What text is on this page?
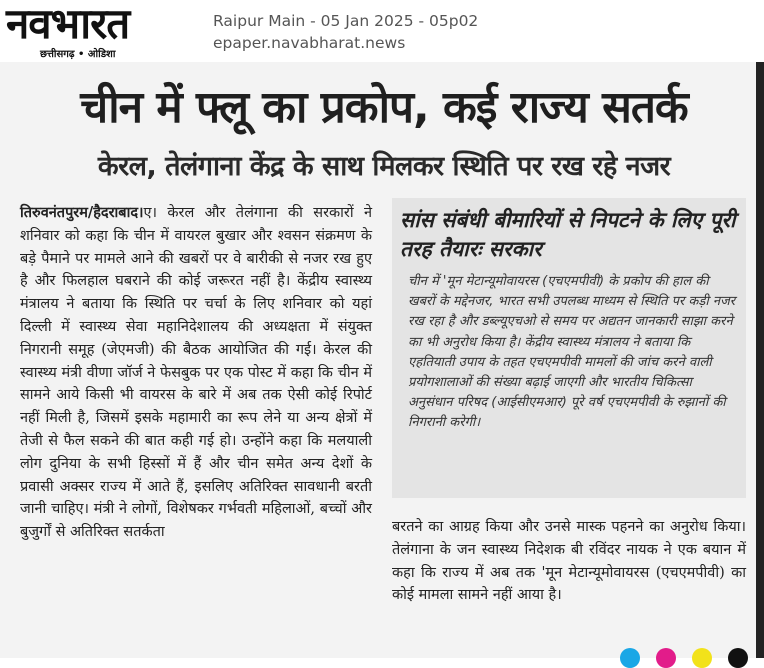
नवभारत
छत्तीसगढ़ • ओडिशा
Raipur Main - 05 Jan 2025 - 05p02
epaper.navabharat.news
चीन में फ्लू का प्रकोप, कई राज्य सतर्क
केरल, तेलंगाना केंद्र के साथ मिलकर स्थिति पर रख रहे नजर
तिरुवनंतपुरम/हैदराबाद।ए। केरल और तेलंगाना की सरकारों ने शनिवार को कहा कि चीन में वायरल बुखार और श्वसन संक्रमण के बड़े पैमाने पर मामले आने की खबरों पर वे बारीकी से नजर रख हुए है और फिलहाल घबराने की कोई जरूरत नहीं है। केंद्रीय स्वास्थ्य मंत्रालय ने बताया कि स्थिति पर चर्चा के लिए शनिवार को यहां दिल्ली में स्वास्थ्य सेवा महानिदेशालय की अध्यक्षता में संयुक्त निगरानी समूह (जेएमजी) की बैठक आयोजित की गई। केरल की स्वास्थ्य मंत्री वीणा जॉर्ज ने फेसबुक पर एक पोस्ट में कहा कि चीन में सामने आये किसी भी वायरस के बारे में अब तक ऐसी कोई रिपोर्ट नहीं मिली है, जिसमें इसके महामारी का रूप लेने या अन्य क्षेत्रों में तेजी से फैल सकने की बात कही गई हो। उन्होंने कहा कि मलयाली लोग दुनिया के सभी हिस्सों में हैं और चीन समेत अन्य देशों के प्रवासी अक्सर राज्य में आते हैं, इसलिए अतिरिक्त सावधानी बरती जानी चाहिए। मंत्री ने लोगों, विशेषकर गर्भवती महिलाओं, बच्चों और बुजुर्गों से अतिरिक्त सतर्कता
सांस संबंधी बीमारियों से निपटने के लिए पूरी तरह तैयारः सरकार
चीन में 'मून मेटान्यूमोवायरस (एचएमपीवी) के प्रकोप की हाल की खबरों के मद्देनजर, भारत सभी उपलब्ध माध्यम से स्थिति पर कड़ी नजर रख रहा है और डब्ल्यूएचओ से समय पर अद्यतन जानकारी साझा करने का भी अनुरोध किया है। केंद्रीय स्वास्थ्य मंत्रालय ने बताया कि एहतियाती उपाय के तहत एचएमपीवी मामलों की जांच करने वाली प्रयोगशालाओं की संख्या बढ़ाई जाएगी और भारतीय चिकित्सा अनुसंधान परिषद (आईसीएमआर) पूरे वर्ष एचएमपीवी के रुझानों की निगरानी करेगी।
बरतने का आग्रह किया और उनसे मास्क पहनने का अनुरोध किया। तेलंगाना के जन स्वास्थ्य निदेशक बी रविंदर नायक ने एक बयान में कहा कि राज्य में अब तक 'मून मेटान्यूमोवायरस (एचएमपीवी) का कोई मामला सामने नहीं आया है।
